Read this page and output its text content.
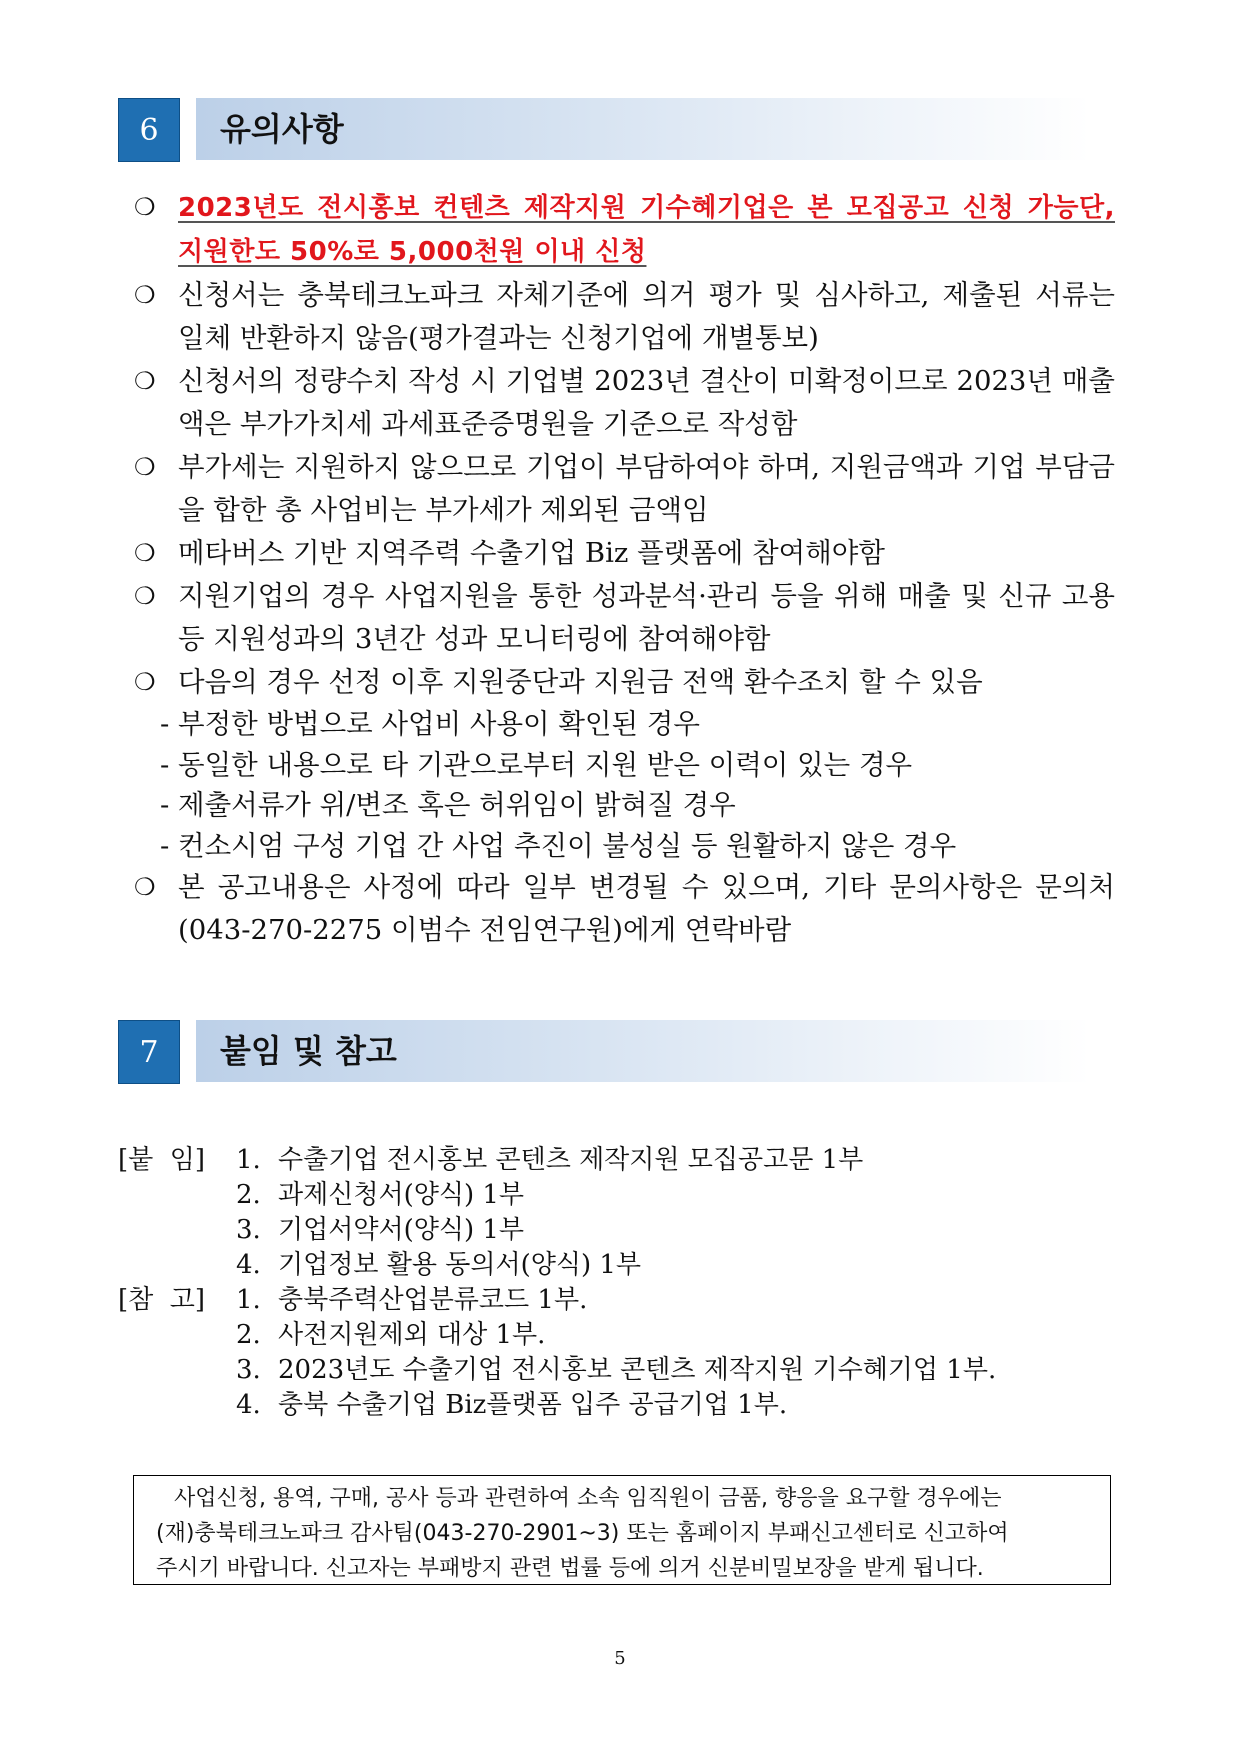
6	유의사항
❍ 2023년도 전시홍보 컨텐츠 제작지원 기수혜기업은 본 모집공고 신청 가능단, 지원한도 50%로 5,000천원 이내 신청
❍ 신청서는 충북테크노파크 자체기준에 의거 평가 및 심사하고, 제출된 서류는 일체 반환하지 않음(평가결과는 신청기업에 개별통보)
❍ 신청서의 정량수치 작성 시 기업별 2023년 결산이 미확정이므로 2023년 매출액은 부가가치세 과세표준증명원을 기준으로 작성함
❍ 부가세는 지원하지 않으므로 기업이 부담하여야 하며, 지원금액과 기업 부담금을 합한 총 사업비는 부가세가 제외된 금액임
❍ 메타버스 기반 지역주력 수출기업 Biz 플랫폼에 참여해야함
❍ 지원기업의 경우 사업지원을 통한 성과분석·관리 등을 위해 매출 및 신규 고용 등 지원성과의 3년간 성과 모니터링에 참여해야함
❍ 다음의 경우 선정 이후 지원중단과 지원금 전액 환수조치 할 수 있음
- 부정한 방법으로 사업비 사용이 확인된 경우
- 동일한 내용으로 타 기관으로부터 지원 받은 이력이 있는 경우
- 제출서류가 위/변조 혹은 허위임이 밝혀질 경우
- 컨소시엄 구성 기업 간 사업 추진이 불성실 등 원활하지 않은 경우
❍ 본 공고내용은 사정에 따라 일부 변경될 수 있으며, 기타 문의사항은 문의처(043-270-2275 이범수 전임연구원)에게 연락바람
7	붙임 및 참고
[붙  임]	1. 수출기업 전시홍보 콘텐츠 제작지원 모집공고문 1부
2. 과제신청서(양식) 1부
3. 기업서약서(양식) 1부
4. 기업정보 활용 동의서(양식) 1부
[참  고]	1. 충북주력산업분류코드 1부.
2. 사전지원제외 대상 1부.
3. 2023년도 수출기업 전시홍보 콘텐츠 제작지원 기수혜기업 1부.
4. 충북 수출기업 Biz플랫폼 입주 공급기업 1부.
사업신청, 용역, 구매, 공사 등과 관련하여 소속 임직원이 금품, 향응을 요구할 경우에는
(재)충북테크노파크 감사팀(043-270-2901~3) 또는 홈페이지 부패신고센터로 신고하여
주시기 바랍니다. 신고자는 부패방지 관련 법률 등에 의거 신분비밀보장을 받게 됩니다.
5
